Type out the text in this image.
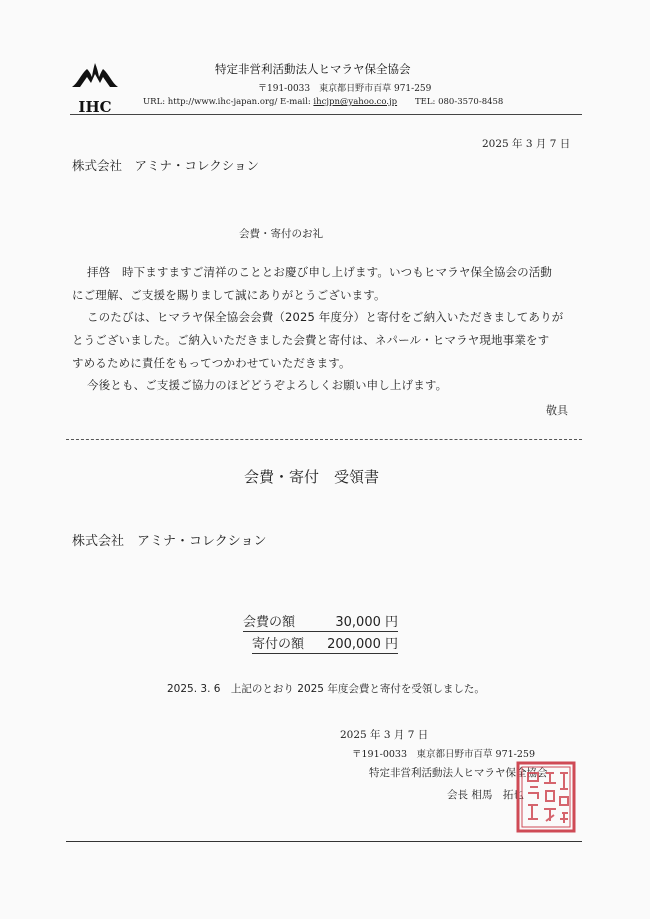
IHC
特定非営利活動法人ヒマラヤ保全協会
〒191-0033　東京都日野市百草 971-259
URL: http://www.ihc-japan.org/ E-mail: ihcjpn@yahoo.co.jp TEL: 080-3570-8458
2025 年 3 月 7 日
株式会社　アミナ・コレクション
会費・寄付のお礼
拝啓　時下ますますご清祥のこととお慶び申し上げます。いつもヒマラヤ保全協会の活動
にご理解、ご支援を賜りまして誠にありがとうございます。
このたびは、ヒマラヤ保全協会会費（2025 年度分）と寄付をご納入いただきましてありが
とうございました。ご納入いただきました会費と寄付は、ネパール・ヒマラヤ現地事業をす
すめるために責任をもってつかわせていただきます。
今後とも、ご支援ご協力のほどどうぞよろしくお願い申し上げます。
敬具
会費・寄付　受領書
株式会社　アミナ・コレクション
会費の額	30,000 円
寄付の額 200,000 円
2025. 3. 6　上記のとおり 2025 年度会費と寄付を受領しました。
2025 年 3 月 7 日
〒191-0033　東京都日野市百草 971-259
特定非営利活動法人ヒマラヤ保全協会
会長 相馬　拓也
